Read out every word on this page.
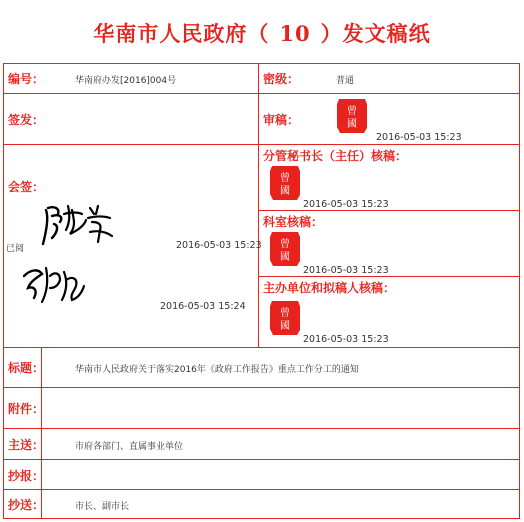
华南市人民政府（ 10 ）发文稿纸
编号：	华南府办发[2016]004号	密级：	普通
签发：	审稿：
曾
國
2016-05-03 15:23
会签：
已阅	2016-05-03 15:23
2016-05-03 15:24
分管秘书长（主任）核稿：
曾
國
2016-05-03 15:23
科室核稿：
曾
國
2016-05-03 15:23
主办单位和拟稿人核稿：
曾
國
2016-05-03 15:23
标题：	华南市人民政府关于落实2016年《政府工作报告》重点工作分工的通知
附件：
主送：	市府各部门、直属事业单位
抄报：
抄送：	市长、副市长
